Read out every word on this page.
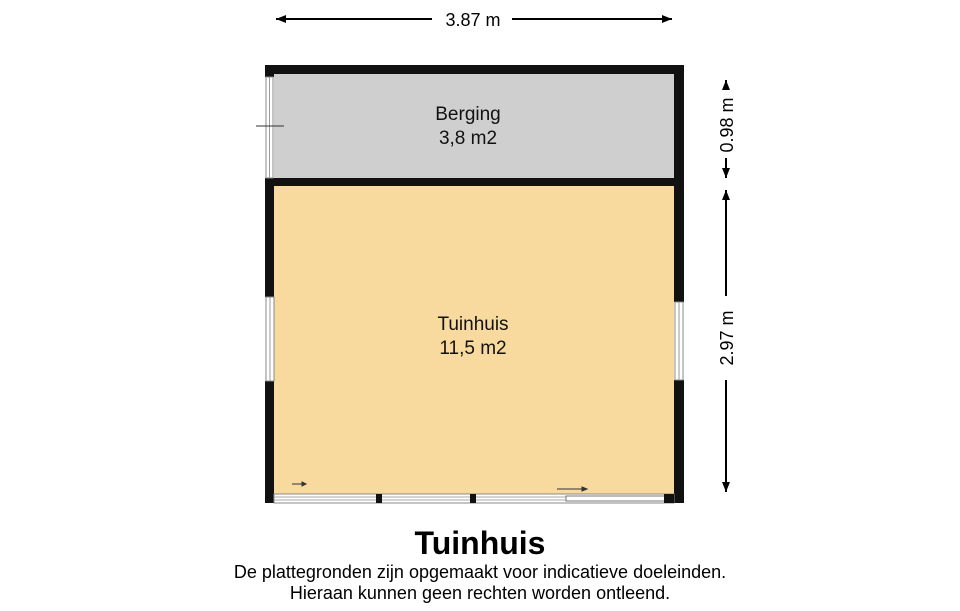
3.87 m
0.98 m
2.97 m
Berging
3,8 m2
Tuinhuis
11,5 m2
Tuinhuis
De plattegronden zijn opgemaakt voor indicatieve doeleinden.
Hieraan kunnen geen rechten worden ontleend.
